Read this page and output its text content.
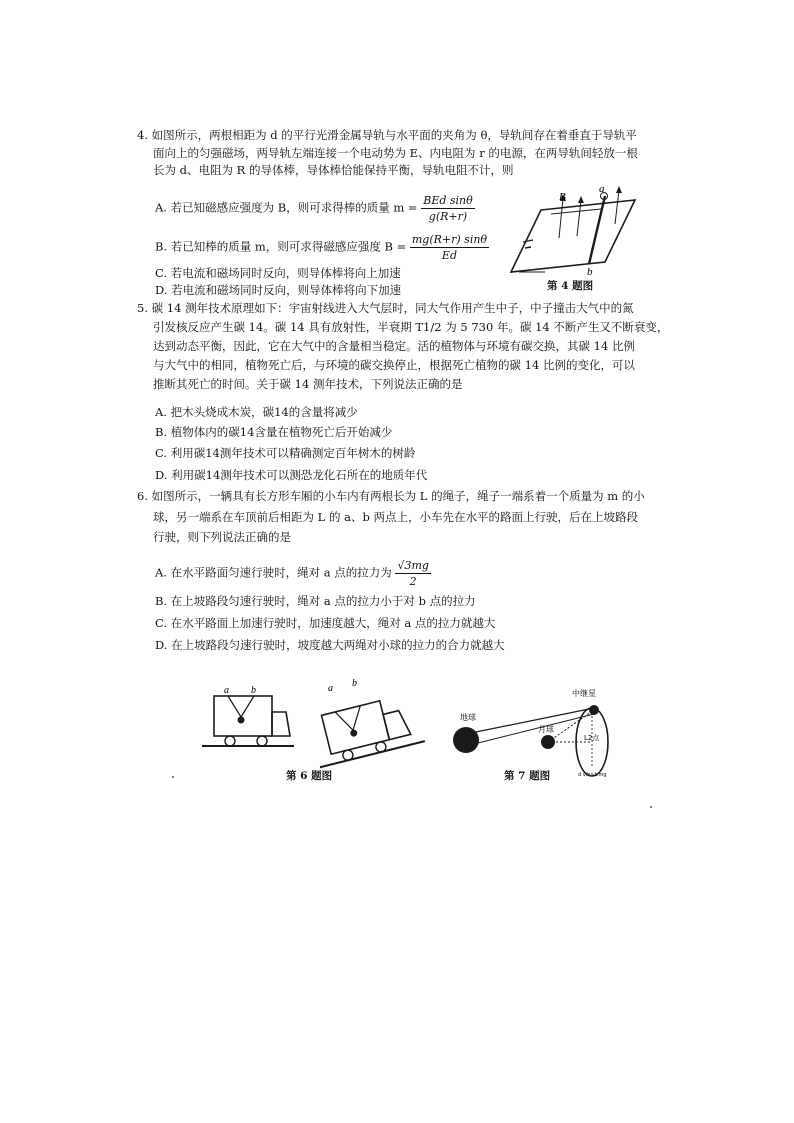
4. 如图所示，两根相距为 d 的平行光滑金属导轨与水平面的夹角为 θ，导轨间存在着垂直于导轨平
面向上的匀强磁场，两导轨左端连接一个电动势为 E、内电阻为 r 的电源，在两导轨间轻放一根
长为 d、电阻为 R 的导体棒，导体棒恰能保持平衡，导轨电阻不计，则
A. 若已知磁感应强度为 B，则可求得棒的质量 $m = \frac{\text{BEd sinθ}}{g(R+r)}$
B. 若已知棒的质量 m，则可求得磁感应强度 $B = \frac{mg(R+r) \sin\theta}{Ed}$
C. 若电流和磁场同时反向，则导体棒将向上加速
D. 若电流和磁场同时反向，则导体棒将向下加速
B
a
b
第 4 题图
5. 碳 14 测年技术原理如下：宇宙射线进入大气层时，同大气作用产生中子，中子撞击大气中的氮
引发核反应产生碳 14。碳 14 具有放射性，半衰期 T1/2 为 5 730 年。碳 14 不断产生又不断衰变，
达到动态平衡，因此，它在大气中的含量相当稳定。活的植物体与环境有碳交换，其碳 14 比例
与大气中的相同，植物死亡后，与环境的碳交换停止，根据死亡植物的碳 14 比例的变化，可以
推断其死亡的时间。关于碳 14 测年技术，下列说法正确的是
A. 把木头烧成木炭，碳14的含量将减少
B. 植物体内的碳14含量在植物死亡后开始减少
C. 利用碳14测年技术可以精确测定百年树木的树龄
D. 利用碳14测年技术可以测恐龙化石所在的地质年代
6. 如图所示，一辆具有长方形车厢的小车内有两根长为 L 的绳子，绳子一端系着一个质量为 m 的小
球，另一端系在车顶前后相距为 L 的 a、b 两点上，小车先在水平的路面上行驶，后在上坡路段
行驶，则下列说法正确的是
A. 在水平路面匀速行驶时，绳对 a 点的拉力为 $\frac{√3mg}{2}$
B. 在上坡路段匀速行驶时，绳对 a 点的拉力小于对 b 点的拉力
C. 在水平路面上加速行驶时，加速度越大，绳对 a 点的拉力就越大
D. 在上坡路段匀速行驶时，坡度越大两绳对小球的拉力的合力就越大
a b	a b
第 6 题图
地球
月球
中继星
L2点
d v/ns-t.mg
第 7 题图
